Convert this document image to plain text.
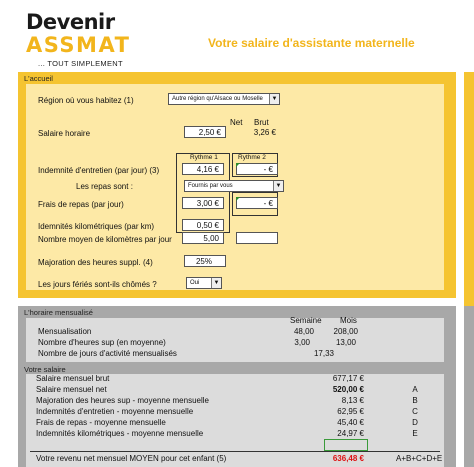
Devenir
ASSMAT
... TOUT SIMPLEMENT
Votre salaire d'assistante maternelle
L'accueil
L'horaire mensualisé
Votre salaire
Région où vous habitez (1)	Autre région qu'Alsace ou Moselle	▼
Net Brut
Salaire horaire	2,50 €	3,26 €
Rythme 1	Rythme 2
Indemnité d'entretien (par jour) (3)	4,16 €	- €
Les repas sont :	Fournis par vous	▼
Frais de repas (par jour)	3,00 €	- €
Idemnités kilométriques (par km)	0,50 €
Nombre moyen de kilomètres par jour	5,00
Majoration des heures suppl. (4)	25%
Les jours fériés sont-ils chômés ?	Oui	▼
Semaine Mois
Mensualisation	48,00	208,00
Nombre d'heures sup (en moyenne)	3,00	13,00
Nombre de jours d'activité mensualisés	17,33
Salaire mensuel brut	677,17 €
Salaire mensuel net	520,00 €	A
Majoration des heures sup - moyenne mensuelle	8,13 €	B
Indemnités d'entretien - moyenne mensuelle	62,95 €	C
Frais de repas - moyenne mensuelle	45,40 €	D
Indemnités kilométriques - moyenne mensuelle	24,97 €	E
Votre revenu net mensuel MOYEN pour cet enfant (5)	636,48 €	A+B+C+D+E
